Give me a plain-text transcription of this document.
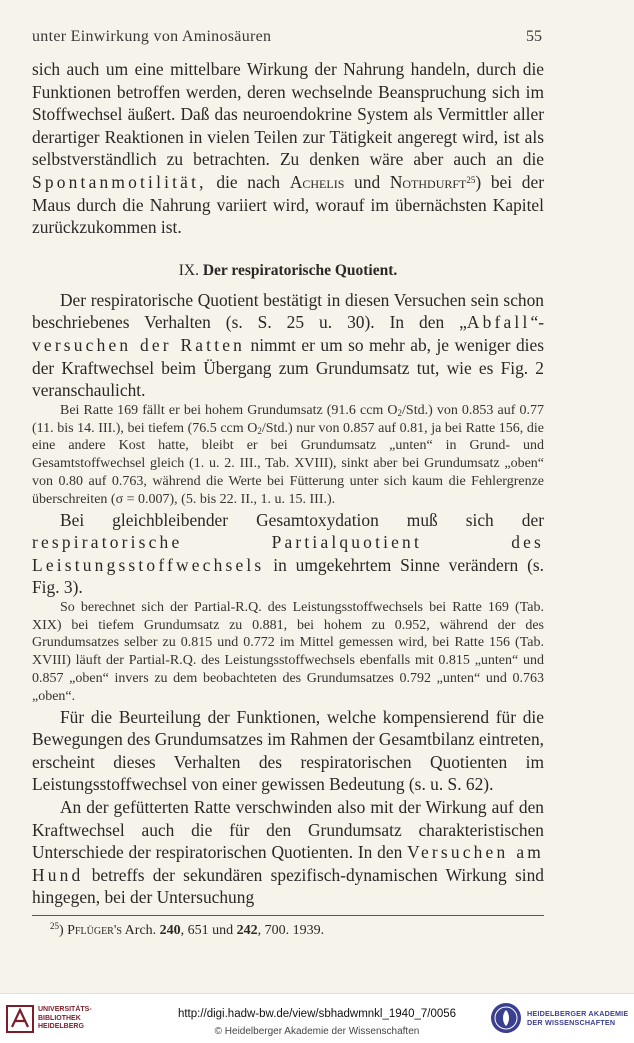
unter Einwirkung von Aminosäuren	55

sich auch um eine mittelbare Wirkung der Nahrung handeln, durch die Funktionen betroffen werden, deren wechselnde Beanspruchung sich im Stoffwechsel äußert. Daß das neuroendokrine System als Vermittler aller derartiger Reaktionen in vielen Teilen zur Tätigkeit angeregt wird, ist als selbstverständlich zu betrachten. Zu denken wäre aber auch an die Spontanmotilität, die nach Achelis und Nothdurft$^{25}$) bei der Maus durch die Nahrung variiert wird, worauf im übernächsten Kapitel zurückzukommen ist.

IX. Der respiratorische Quotient.

Der respiratorische Quotient bestätigt in diesen Versuchen sein schon beschriebenes Verhalten (s. S. 25 u. 30). In den „Abfall“- versuchen der Ratten nimmt er um so mehr ab, je weniger dies der Kraftwechsel beim Übergang zum Grundumsatz tut, wie es Fig. 2 veranschaulicht.

Bei Ratte 169 fällt er bei hohem Grundumsatz (91.6 ccm $O_2/Std$.) von 0.853 auf 0.77 (11. bis 14. III.), bei tiefem (76.5 ccm $O_2/Std$.) nur von 0.857 auf 0.81, ja bei Ratte 156, die eine andere Kost hatte, bleibt er bei Grundumsatz „unten“ in Grund- und Gesamtstoffwechsel gleich (1. u. 2. III., Tab. XVIII), sinkt aber bei Grundumsatz „oben“ von 0.80 auf 0.763, während die Werte bei Fütterung unter sich kaum die Fehlergrenze überschreiten (σ = 0.007), (5. bis 22. II., 1. u. 15. III.).

Bei gleichbleibender Gesamtoxydation muß sich der respiratorische Partialquotient des Leistungsstoffwechsels in umgekehrtem Sinne verändern (s. Fig. 3).

So berechnet sich der Partial-R.Q. des Leistungsstoffwechsels bei Ratte 169 (Tab. XIX) bei tiefem Grundumsatz zu 0.881, bei hohem zu 0.952, während der des Grundumsatzes selber zu 0.815 und 0.772 im Mittel gemessen wird, bei Ratte 156 (Tab. XVIII) läuft der Partial-R.Q. des Leistungsstoffwechsels ebenfalls mit 0.815 „unten“ und 0.857 „oben“ invers zu dem beobachteten des Grundumsatzes 0.792 „unten“ und 0.763 „oben“.

Für die Beurteilung der Funktionen, welche kompensierend für die Bewegungen des Grundumsatzes im Rahmen der Gesamtbilanz eintreten, erscheint dieses Verhalten des respiratorischen Quotienten im Leistungsstoffwechsel von einer gewissen Bedeutung (s. u. S. 62).

An der gefütterten Ratte verschwinden also mit der Wirkung auf den Kraftwechsel auch die für den Grundumsatz charakteristischen Unterschiede der respiratorischen Quotienten. In den Versuchen am Hund betreffs der sekundären spezifisch-dynamischen Wirkung sind hingegen, bei der Untersuchung

$^{25}$) Pflüger's Arch. 240, 651 und 242, 700. 1939.

UNIVERSITÄTS-
BIBLIOTHEK
HEIDELBERG
http://digi.hadw-bw.de/view/sbhadwmnkl_1940_7/0056
© Heidelberger Akademie der Wissenschaften
HEIDELBERGER AKADEMIE
DER WISSENSCHAFTEN
